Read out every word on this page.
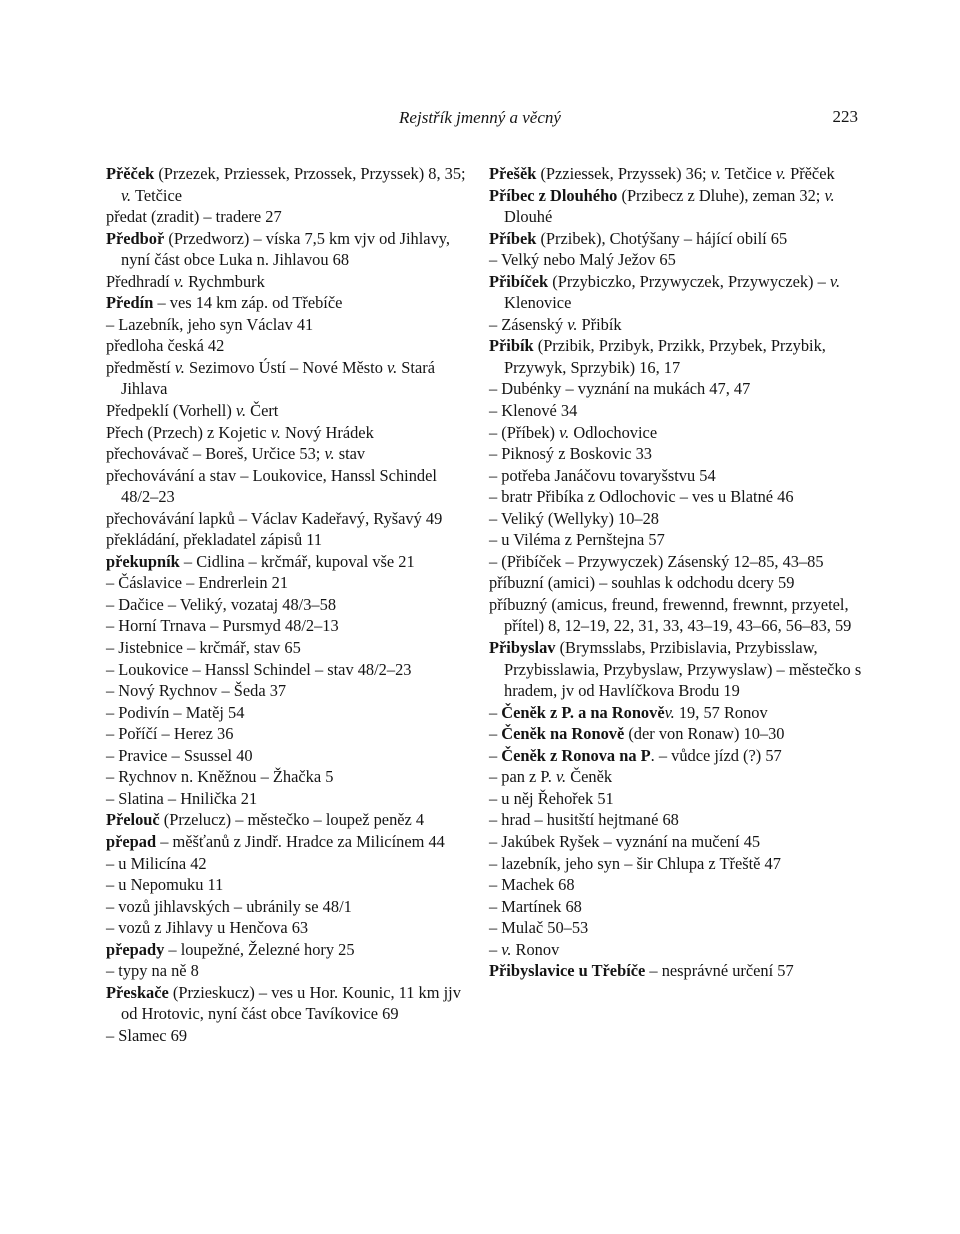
Rejstřík jmenný a věcný	223

Přěček (Przezek, Prziessek, Przossek, Przyssek) 8, 35; v. Tetčice

předat (zradit) – tradere 27

Předboř (Przedworz) – víska 7,5 km vjv od Jihlavy, nyní část obce Luka n. Jihlavou 68

Předhradí v. Rychmburk

Předín – ves 14 km záp. od Třebíče

– Lazebník, jeho syn Václav 41

předloha česká 42

předměstí v. Sezimovo Ústí – Nové Město v. Stará Jihlava

Předpeklí (Vorhell) v. Čert

Přech (Przech) z Kojetic v. Nový Hrádek

přechovávač – Boreš, Určice 53; v. stav

přechovávání a stav – Loukovice, Hanssl Schindel 48/2–23

přechovávání lapků – Václav Kadeřavý, Ryšavý 49

překládání, překladatel zápisů 11

překupník – Cidlina – krčmář, kupoval vše 21

– Čáslavice – Endrerlein 21

– Dačice – Veliký, vozataj 48/3–58

– Horní Trnava – Pursmyd 48/2–13

– Jistebnice – krčmář, stav 65

– Loukovice – Hanssl Schindel – stav 48/2–23

– Nový Rychnov – Šeda 37

– Podivín – Matěj 54

– Poříčí – Herez 36

– Pravice – Ssussel 40

– Rychnov n. Kněžnou – Žhačka 5

– Slatina – Hnilička 21

Přelouč (Przelucz) – městečko – loupež peněz 4

přepad – měšťanů z Jindř. Hradce za Milicínem 44

– u Milicína 42

– u Nepomuku 11

– vozů jihlavských – ubránily se 48/1

– vozů z Jihlavy u Henčova 63

přepady – loupežné, Železné hory 25

– typy na ně 8

Přeskače (Przieskucz) – ves u Hor. Kounic, 11 km jjv od Hrotovic, nyní část obce Tavíkovice 69

– Slamec 69

Přešěk (Pzziessek, Przyssek) 36; v. Tetčice v. Přěček

Příbec z Dlouhého (Przibecz z Dluhe), zeman 32; v. Dlouhé

Příbek (Przibek), Chotýšany – hájící obilí 65

– Velký nebo Malý Ježov 65

Přibíček (Przybiczko, Przywyczek, Przywyczek) – v. Klenovice

– Zásenský v. Přibík

Přibík (Przibik, Przibyk, Przikk, Przybek, Przybik, Przywyk, Sprzybik) 16, 17

– Dubénky – vyznání na mukách 47, 47

– Klenové 34

– (Příbek) v. Odlochovice

– Piknosý z Boskovic 33

– potřeba Janáčovu tovaryšstvu 54

– bratr Přibíka z Odlochovic – ves u Blatné 46

– Veliký (Wellyky) 10–28

– u Viléma z Pernštejna 57

– (Přibíček – Przywyczek) Zásenský 12–85, 43–85

příbuzní (amici) – souhlas k odchodu dcery 59

příbuzný (amicus, freund, frewennd, frewnnt, przyetel, přítel) 8, 12–19, 22, 31, 33, 43–19, 43–66, 56–83, 59

Přibyslav (Brymsslabs, Przibislavia, Przybisslaw, Przybisslawia, Przybyslaw, Przywyslaw) – městečko s hradem, jv od Havlíčkova Brodu 19

– Čeněk z P. a na Ronověv. 19, 57 Ronov

– Čeněk na Ronově (der von Ronaw) 10–30

– Čeněk z Ronova na P. – vůdce jízd (?) 57

– pan z P. v. Čeněk

– u něj Řehořek 51

– hrad – husitští hejtmané 68

– Jakúbek Ryšek – vyznání na mučení 45

– lazebník, jeho syn – šir Chlupa z Třeště 47

– Machek 68

– Martínek 68

– Mulač 50–53

– v. Ronov

Přibyslavice u Třebíče – nesprávné určení 57
